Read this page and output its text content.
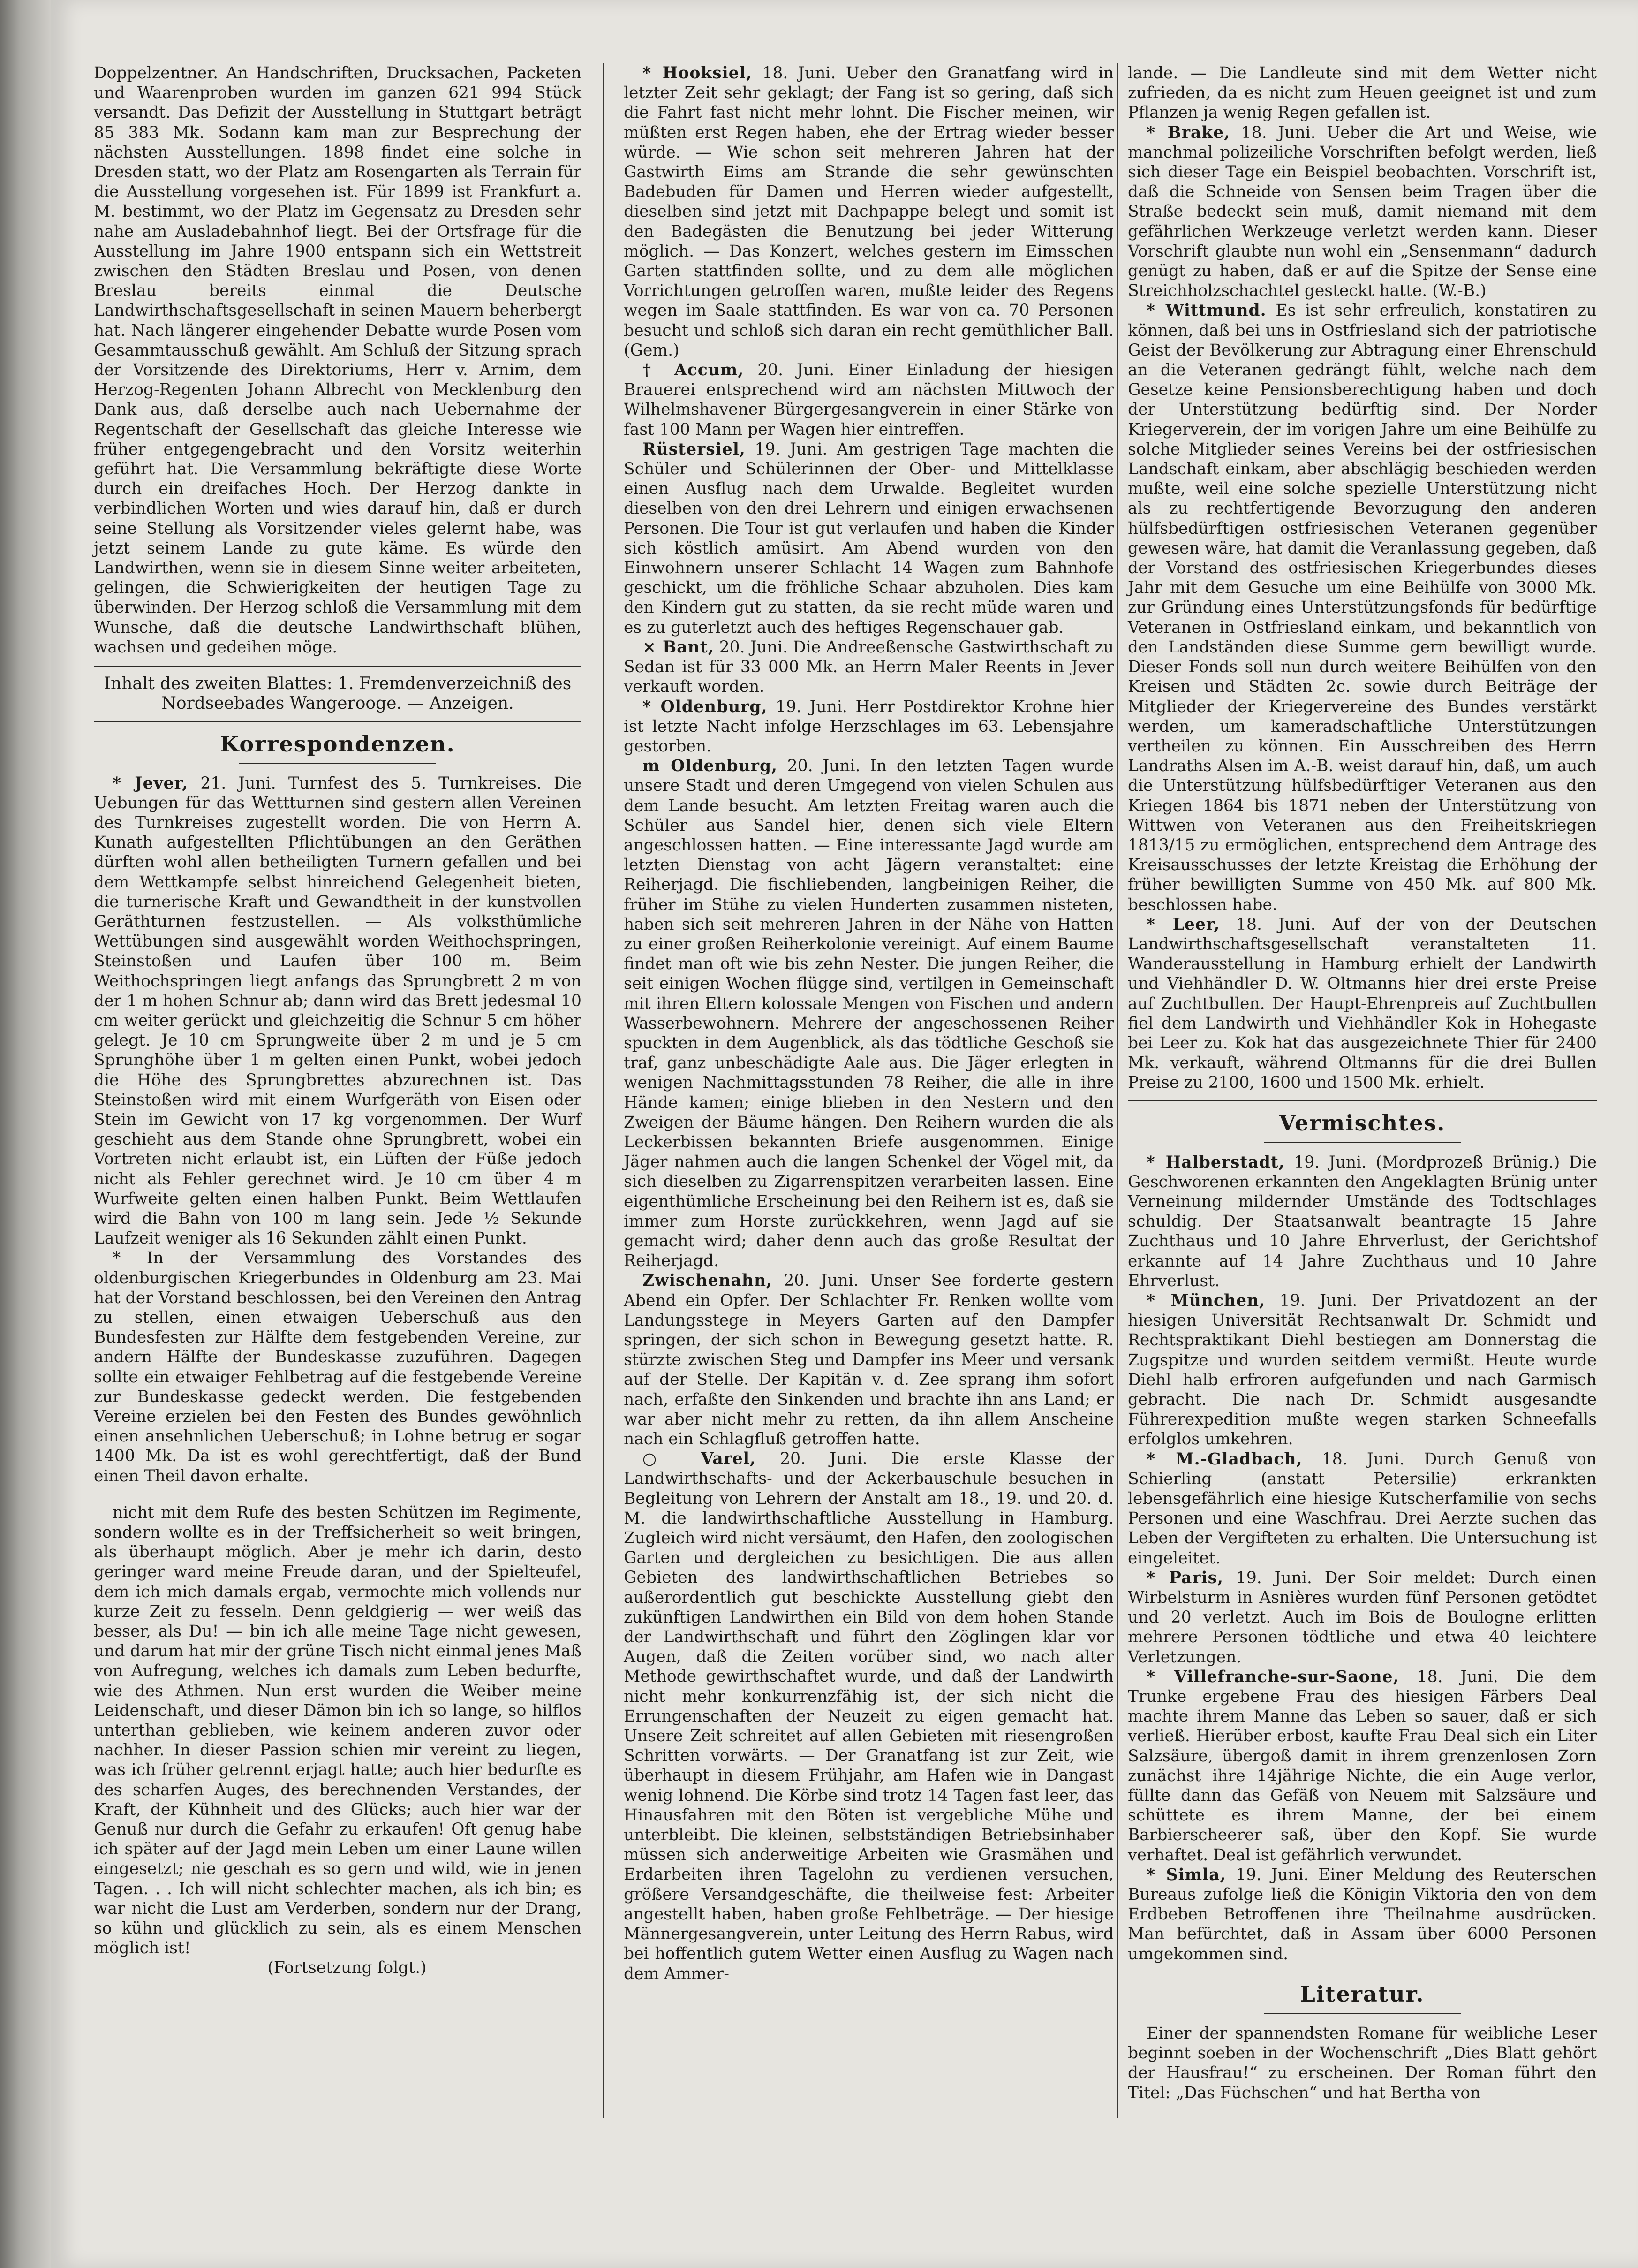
Doppelzentner. An Handschriften, Drucksachen, Packeten und Waarenproben wurden im ganzen 621 994 Stück versandt. Das Defizit der Ausstellung in Stuttgart beträgt 85 383 Mk. Sodann kam man zur Besprechung der nächsten Ausstellungen. 1898 findet eine solche in Dresden statt, wo der Platz am Rosengarten als Terrain für die Ausstellung vorgesehen ist. Für 1899 ist Frankfurt a. M. bestimmt, wo der Platz im Gegensatz zu Dresden sehr nahe am Ausladebahnhof liegt. Bei der Ortsfrage für die Ausstellung im Jahre 1900 entspann sich ein Wettstreit zwischen den Städten Breslau und Posen, von denen Breslau bereits einmal die Deutsche Landwirthschaftsgesellschaft in seinen Mauern beherbergt hat. Nach längerer eingehender Debatte wurde Posen vom Gesammtausschuß gewählt. Am Schluß der Sitzung sprach der Vorsitzende des Direktoriums, Herr v. Arnim, dem Herzog-Regenten Johann Albrecht von Mecklenburg den Dank aus, daß derselbe auch nach Uebernahme der Regentschaft der Gesellschaft das gleiche Interesse wie früher entgegengebracht und den Vorsitz weiterhin geführt hat. Die Versammlung bekräftigte diese Worte durch ein dreifaches Hoch. Der Herzog dankte in verbindlichen Worten und wies darauf hin, daß er durch seine Stellung als Vorsitzender vieles gelernt habe, was jetzt seinem Lande zu gute käme. Es würde den Landwirthen, wenn sie in diesem Sinne weiter arbeiteten, gelingen, die Schwierigkeiten der heutigen Tage zu überwinden. Der Herzog schloß die Versammlung mit dem Wunsche, daß die deutsche Landwirthschaft blühen, wachsen und gedeihen möge.

Inhalt des zweiten Blattes: 1. Fremdenverzeichniß des Nordseebades Wangerooge. — Anzeigen.

Korrespondenzen.

* Jever, 21. Juni. Turnfest des 5. Turnkreises. Die Uebungen für das Wettturnen sind gestern allen Vereinen des Turnkreises zugestellt worden. Die von Herrn A. Kunath aufgestellten Pflichtübungen an den Geräthen dürften wohl allen betheiligten Turnern gefallen und bei dem Wettkampfe selbst hinreichend Gelegenheit bieten, die turnerische Kraft und Gewandtheit in der kunstvollen Geräthturnen festzustellen. — Als volksthümliche Wettübungen sind ausgewählt worden Weithochspringen, Steinstoßen und Laufen über 100 m. Beim Weithochspringen liegt anfangs das Sprungbrett 2 m von der 1 m hohen Schnur ab; dann wird das Brett jedesmal 10 cm weiter gerückt und gleichzeitig die Schnur 5 cm höher gelegt. Je 10 cm Sprungweite über 2 m und je 5 cm Sprunghöhe über 1 m gelten einen Punkt, wobei jedoch die Höhe des Sprungbrettes abzurechnen ist. Das Steinstoßen wird mit einem Wurfgeräth von Eisen oder Stein im Gewicht von 17 kg vorgenommen. Der Wurf geschieht aus dem Stande ohne Sprungbrett, wobei ein Vortreten nicht erlaubt ist, ein Lüften der Füße jedoch nicht als Fehler gerechnet wird. Je 10 cm über 4 m Wurfweite gelten einen halben Punkt. Beim Wettlaufen wird die Bahn von 100 m lang sein. Jede ½ Sekunde Laufzeit weniger als 16 Sekunden zählt einen Punkt.

* In der Versammlung des Vorstandes des oldenburgischen Kriegerbundes in Oldenburg am 23. Mai hat der Vorstand beschlossen, bei den Vereinen den Antrag zu stellen, einen etwaigen Ueberschuß aus den Bundesfesten zur Hälfte dem festgebenden Vereine, zur andern Hälfte der Bundeskasse zuzuführen. Dagegen sollte ein etwaiger Fehlbetrag auf die festgebende Vereine zur Bundeskasse gedeckt werden. Die festgebenden Vereine erzielen bei den Festen des Bundes gewöhnlich einen ansehnlichen Ueberschuß; in Lohne betrug er sogar 1400 Mk. Da ist es wohl gerechtfertigt, daß der Bund einen Theil davon erhalte.

nicht mit dem Rufe des besten Schützen im Regimente, sondern wollte es in der Treffsicherheit so weit bringen, als überhaupt möglich. Aber je mehr ich darin, desto geringer ward meine Freude daran, und der Spielteufel, dem ich mich damals ergab, vermochte mich vollends nur kurze Zeit zu fesseln. Denn geldgierig — wer weiß das besser, als Du! — bin ich alle meine Tage nicht gewesen, und darum hat mir der grüne Tisch nicht einmal jenes Maß von Aufregung, welches ich damals zum Leben bedurfte, wie des Athmen. Nun erst wurden die Weiber meine Leidenschaft, und dieser Dämon bin ich so lange, so hilflos unterthan geblieben, wie keinem anderen zuvor oder nachher. In dieser Passion schien mir vereint zu liegen, was ich früher getrennt erjagt hatte; auch hier bedurfte es des scharfen Auges, des berechnenden Verstandes, der Kraft, der Kühnheit und des Glücks; auch hier war der Genuß nur durch die Gefahr zu erkaufen! Oft genug habe ich später auf der Jagd mein Leben um einer Laune willen eingesetzt; nie geschah es so gern und wild, wie in jenen Tagen. . . Ich will nicht schlechter machen, als ich bin; es war nicht die Lust am Verderben, sondern nur der Drang, so kühn und glücklich zu sein, als es einem Menschen möglich ist!

(Fortsetzung folgt.)

* Hooksiel, 18. Juni. Ueber den Granatfang wird in letzter Zeit sehr geklagt; der Fang ist so gering, daß sich die Fahrt fast nicht mehr lohnt. Die Fischer meinen, wir müßten erst Regen haben, ehe der Ertrag wieder besser würde. — Wie schon seit mehreren Jahren hat der Gastwirth Eims am Strande die sehr gewünschten Badebuden für Damen und Herren wieder aufgestellt, dieselben sind jetzt mit Dachpappe belegt und somit ist den Badegästen die Benutzung bei jeder Witterung möglich. — Das Konzert, welches gestern im Eimsschen Garten stattfinden sollte, und zu dem alle möglichen Vorrichtungen getroffen waren, mußte leider des Regens wegen im Saale stattfinden. Es war von ca. 70 Personen besucht und schloß sich daran ein recht gemüthlicher Ball. (Gem.)

† Accum, 20. Juni. Einer Einladung der hiesigen Brauerei entsprechend wird am nächsten Mittwoch der Wilhelmshavener Bürgergesangverein in einer Stärke von fast 100 Mann per Wagen hier eintreffen.

Rüstersiel, 19. Juni. Am gestrigen Tage machten die Schüler und Schülerinnen der Ober- und Mittelklasse einen Ausflug nach dem Urwalde. Begleitet wurden dieselben von den drei Lehrern und einigen erwachsenen Personen. Die Tour ist gut verlaufen und haben die Kinder sich köstlich amüsirt. Am Abend wurden von den Einwohnern unserer Schlacht 14 Wagen zum Bahnhofe geschickt, um die fröhliche Schaar abzuholen. Dies kam den Kindern gut zu statten, da sie recht müde waren und es zu guterletzt auch des heftiges Regenschauer gab.

× Bant, 20. Juni. Die Andreeßensche Gastwirthschaft zu Sedan ist für 33 000 Mk. an Herrn Maler Reents in Jever verkauft worden.

* Oldenburg, 19. Juni. Herr Postdirektor Krohne hier ist letzte Nacht infolge Herzschlages im 63. Lebensjahre gestorben.

m Oldenburg, 20. Juni. In den letzten Tagen wurde unsere Stadt und deren Umgegend von vielen Schulen aus dem Lande besucht. Am letzten Freitag waren auch die Schüler aus Sandel hier, denen sich viele Eltern angeschlossen hatten. — Eine interessante Jagd wurde am letzten Dienstag von acht Jägern veranstaltet: eine Reiherjagd. Die fischliebenden, langbeinigen Reiher, die früher im Stühe zu vielen Hunderten zusammen nisteten, haben sich seit mehreren Jahren in der Nähe von Hatten zu einer großen Reiherkolonie vereinigt. Auf einem Baume findet man oft wie bis zehn Nester. Die jungen Reiher, die seit einigen Wochen flügge sind, vertilgen in Gemeinschaft mit ihren Eltern kolossale Mengen von Fischen und andern Wasserbewohnern. Mehrere der angeschossenen Reiher spuckten in dem Augenblick, als das tödtliche Geschoß sie traf, ganz unbeschädigte Aale aus. Die Jäger erlegten in wenigen Nachmittagsstunden 78 Reiher, die alle in ihre Hände kamen; einige blieben in den Nestern und den Zweigen der Bäume hängen. Den Reihern wurden die als Leckerbissen bekannten Briefe ausgenommen. Einige Jäger nahmen auch die langen Schenkel der Vögel mit, da sich dieselben zu Zigarrenspitzen verarbeiten lassen. Eine eigenthümliche Erscheinung bei den Reihern ist es, daß sie immer zum Horste zurückkehren, wenn Jagd auf sie gemacht wird; daher denn auch das große Resultat der Reiherjagd.

Zwischenahn, 20. Juni. Unser See forderte gestern Abend ein Opfer. Der Schlachter Fr. Renken wollte vom Landungsstege in Meyers Garten auf den Dampfer springen, der sich schon in Bewegung gesetzt hatte. R. stürzte zwischen Steg und Dampfer ins Meer und versank auf der Stelle. Der Kapitän v. d. Zee sprang ihm sofort nach, erfaßte den Sinkenden und brachte ihn ans Land; er war aber nicht mehr zu retten, da ihn allem Anscheine nach ein Schlagfluß getroffen hatte.

○ Varel, 20. Juni. Die erste Klasse der Landwirthschafts- und der Ackerbauschule besuchen in Begleitung von Lehrern der Anstalt am 18., 19. und 20. d. M. die landwirthschaftliche Ausstellung in Hamburg. Zugleich wird nicht versäumt, den Hafen, den zoologischen Garten und dergleichen zu besichtigen. Die aus allen Gebieten des landwirthschaftlichen Betriebes so außerordentlich gut beschickte Ausstellung giebt den zukünftigen Landwirthen ein Bild von dem hohen Stande der Landwirthschaft und führt den Zöglingen klar vor Augen, daß die Zeiten vorüber sind, wo nach alter Methode gewirthschaftet wurde, und daß der Landwirth nicht mehr konkurrenzfähig ist, der sich nicht die Errungenschaften der Neuzeit zu eigen gemacht hat. Unsere Zeit schreitet auf allen Gebieten mit riesengroßen Schritten vorwärts. — Der Granatfang ist zur Zeit, wie überhaupt in diesem Frühjahr, am Hafen wie in Dangast wenig lohnend. Die Körbe sind trotz 14 Tagen fast leer, das Hinausfahren mit den Böten ist vergebliche Mühe und unterbleibt. Die kleinen, selbstständigen Betriebsinhaber müssen sich anderweitige Arbeiten wie Grasmähen und Erdarbeiten ihren Tagelohn zu verdienen versuchen, größere Versandgeschäfte, die theilweise fest: Arbeiter angestellt haben, haben große Fehlbeträge. — Der hiesige Männergesangverein, unter Leitung des Herrn Rabus, wird bei hoffentlich gutem Wetter einen Ausflug zu Wagen nach dem Ammer-

lande. — Die Landleute sind mit dem Wetter nicht zufrieden, da es nicht zum Heuen geeignet ist und zum Pflanzen ja wenig Regen gefallen ist.

* Brake, 18. Juni. Ueber die Art und Weise, wie manchmal polizeiliche Vorschriften befolgt werden, ließ sich dieser Tage ein Beispiel beobachten. Vorschrift ist, daß die Schneide von Sensen beim Tragen über die Straße bedeckt sein muß, damit niemand mit dem gefährlichen Werkzeuge verletzt werden kann. Dieser Vorschrift glaubte nun wohl ein „Sensenmann“ dadurch genügt zu haben, daß er auf die Spitze der Sense eine Streichholzschachtel gesteckt hatte. (W.-B.)

* Wittmund. Es ist sehr erfreulich, konstatiren zu können, daß bei uns in Ostfriesland sich der patriotische Geist der Bevölkerung zur Abtragung einer Ehrenschuld an die Veteranen gedrängt fühlt, welche nach dem Gesetze keine Pensionsberechtigung haben und doch der Unterstützung bedürftig sind. Der Norder Kriegerverein, der im vorigen Jahre um eine Beihülfe zu solche Mitglieder seines Vereins bei der ostfriesischen Landschaft einkam, aber abschlägig beschieden werden mußte, weil eine solche spezielle Unterstützung nicht als zu rechtfertigende Bevorzugung den anderen hülfsbedürftigen ostfriesischen Veteranen gegenüber gewesen wäre, hat damit die Veranlassung gegeben, daß der Vorstand des ostfriesischen Kriegerbundes dieses Jahr mit dem Gesuche um eine Beihülfe von 3000 Mk. zur Gründung eines Unterstützungsfonds für bedürftige Veteranen in Ostfriesland einkam, und bekanntlich von den Landständen diese Summe gern bewilligt wurde. Dieser Fonds soll nun durch weitere Beihülfen von den Kreisen und Städten 2c. sowie durch Beiträge der Mitglieder der Kriegervereine des Bundes verstärkt werden, um kameradschaftliche Unterstützungen vertheilen zu können. Ein Ausschreiben des Herrn Landraths Alsen im A.-B. weist darauf hin, daß, um auch die Unterstützung hülfsbedürftiger Veteranen aus den Kriegen 1864 bis 1871 neben der Unterstützung von Wittwen von Veteranen aus den Freiheitskriegen 1813/15 zu ermöglichen, entsprechend dem Antrage des Kreisausschusses der letzte Kreistag die Erhöhung der früher bewilligten Summe von 450 Mk. auf 800 Mk. beschlossen habe.

* Leer, 18. Juni. Auf der von der Deutschen Landwirthschaftsgesellschaft veranstalteten 11. Wanderausstellung in Hamburg erhielt der Landwirth und Viehhändler D. W. Oltmanns hier drei erste Preise auf Zuchtbullen. Der Haupt-Ehrenpreis auf Zuchtbullen fiel dem Landwirth und Viehhändler Kok in Hohegaste bei Leer zu. Kok hat das ausgezeichnete Thier für 2400 Mk. verkauft, während Oltmanns für die drei Bullen Preise zu 2100, 1600 und 1500 Mk. erhielt.

Vermischtes.

* Halberstadt, 19. Juni. (Mordprozeß Brünig.) Die Geschworenen erkannten den Angeklagten Brünig unter Verneinung mildernder Umstände des Todtschlages schuldig. Der Staatsanwalt beantragte 15 Jahre Zuchthaus und 10 Jahre Ehrverlust, der Gerichtshof erkannte auf 14 Jahre Zuchthaus und 10 Jahre Ehrverlust.

* München, 19. Juni. Der Privatdozent an der hiesigen Universität Rechtsanwalt Dr. Schmidt und Rechtspraktikant Diehl bestiegen am Donnerstag die Zugspitze und wurden seitdem vermißt. Heute wurde Diehl halb erfroren aufgefunden und nach Garmisch gebracht. Die nach Dr. Schmidt ausgesandte Führerexpedition mußte wegen starken Schneefalls erfolglos umkehren.

* M.-Gladbach, 18. Juni. Durch Genuß von Schierling (anstatt Petersilie) erkrankten lebensgefährlich eine hiesige Kutscherfamilie von sechs Personen und eine Waschfrau. Drei Aerzte suchen das Leben der Vergifteten zu erhalten. Die Untersuchung ist eingeleitet.

* Paris, 19. Juni. Der Soir meldet: Durch einen Wirbelsturm in Asnières wurden fünf Personen getödtet und 20 verletzt. Auch im Bois de Boulogne erlitten mehrere Personen tödtliche und etwa 40 leichtere Verletzungen.

* Villefranche-sur-Saone, 18. Juni. Die dem Trunke ergebene Frau des hiesigen Färbers Deal machte ihrem Manne das Leben so sauer, daß er sich verließ. Hierüber erbost, kaufte Frau Deal sich ein Liter Salzsäure, übergoß damit in ihrem grenzenlosen Zorn zunächst ihre 14jährige Nichte, die ein Auge verlor, füllte dann das Gefäß von Neuem mit Salzsäure und schüttete es ihrem Manne, der bei einem Barbierscheerer saß, über den Kopf. Sie wurde verhaftet. Deal ist gefährlich verwundet.

* Simla, 19. Juni. Einer Meldung des Reuterschen Bureaus zufolge ließ die Königin Viktoria den von dem Erdbeben Betroffenen ihre Theilnahme ausdrücken. Man befürchtet, daß in Assam über 6000 Personen umgekommen sind.

Literatur.

Einer der spannendsten Romane für weibliche Leser beginnt soeben in der Wochenschrift „Dies Blatt gehört der Hausfrau!“ zu erscheinen. Der Roman führt den Titel: „Das Füchschen“ und hat Bertha von
